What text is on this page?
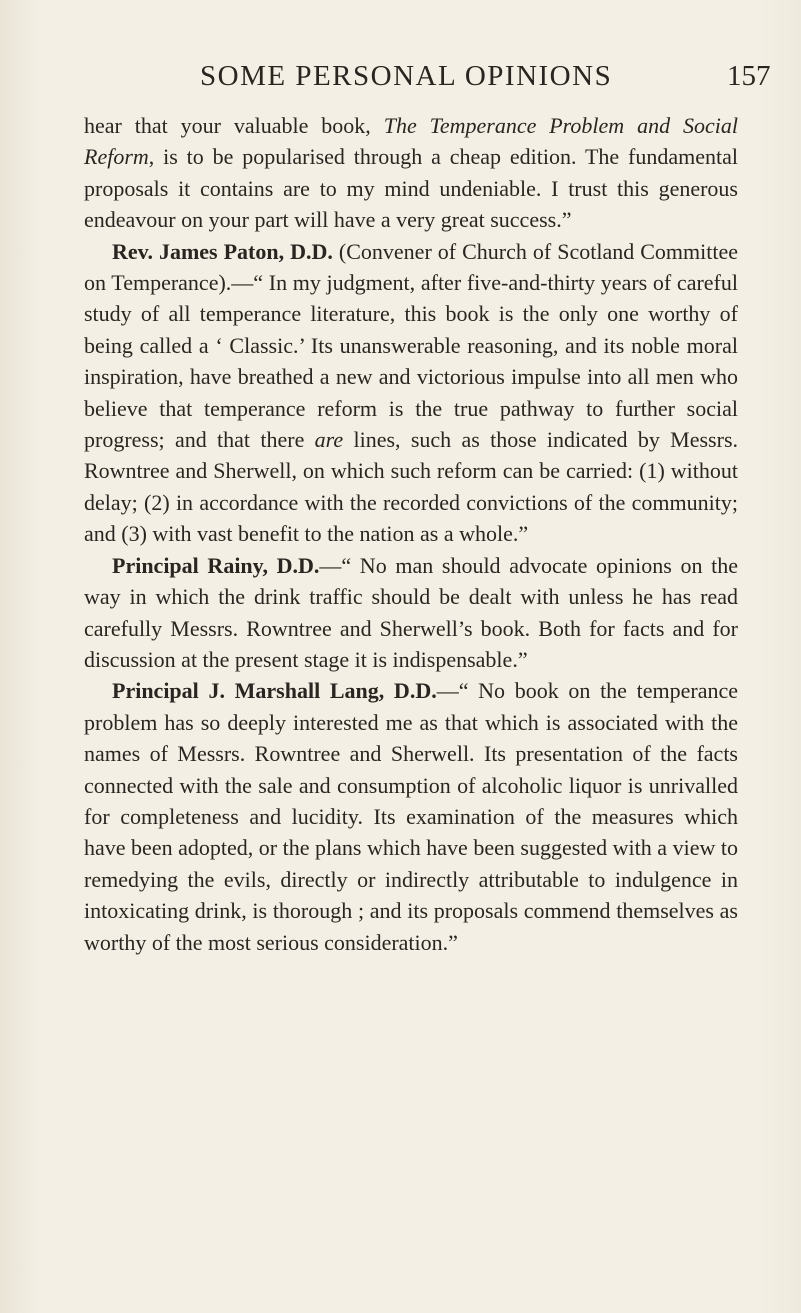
SOME PERSONAL OPINIONS	157

hear that your valuable book, The Temperance Problem and Social Reform, is to be popularised through a cheap edition. The fundamental proposals it contains are to my mind undeniable. I trust this generous endeavour on your part will have a very great success.”

Rev. James Paton, D.D. (Convener of Church of Scotland Committee on Temperance).—“ In my judgment, after five-and-thirty years of careful study of all temperance literature, this book is the only one worthy of being called a ‘ Classic.’ Its unanswerable reasoning, and its noble moral inspiration, have breathed a new and victorious impulse into all men who believe that temperance reform is the true pathway to further social progress; and that there are lines, such as those indicated by Messrs. Rowntree and Sherwell, on which such reform can be carried: (1) without delay; (2) in accordance with the recorded convictions of the community; and (3) with vast benefit to the nation as a whole.”

Principal Rainy, D.D.—“ No man should advocate opinions on the way in which the drink traffic should be dealt with unless he has read carefully Messrs. Rowntree and Sherwell’s book. Both for facts and for discussion at the present stage it is indispensable.”

Principal J. Marshall Lang, D.D.—“ No book on the temperance problem has so deeply interested me as that which is associated with the names of Messrs. Rowntree and Sherwell. Its presentation of the facts connected with the sale and consumption of alcoholic liquor is unrivalled for completeness and lucidity. Its examination of the measures which have been adopted, or the plans which have been suggested with a view to remedying the evils, directly or indirectly attributable to indulgence in intoxicating drink, is thorough ; and its proposals commend themselves as worthy of the most serious consideration.”
